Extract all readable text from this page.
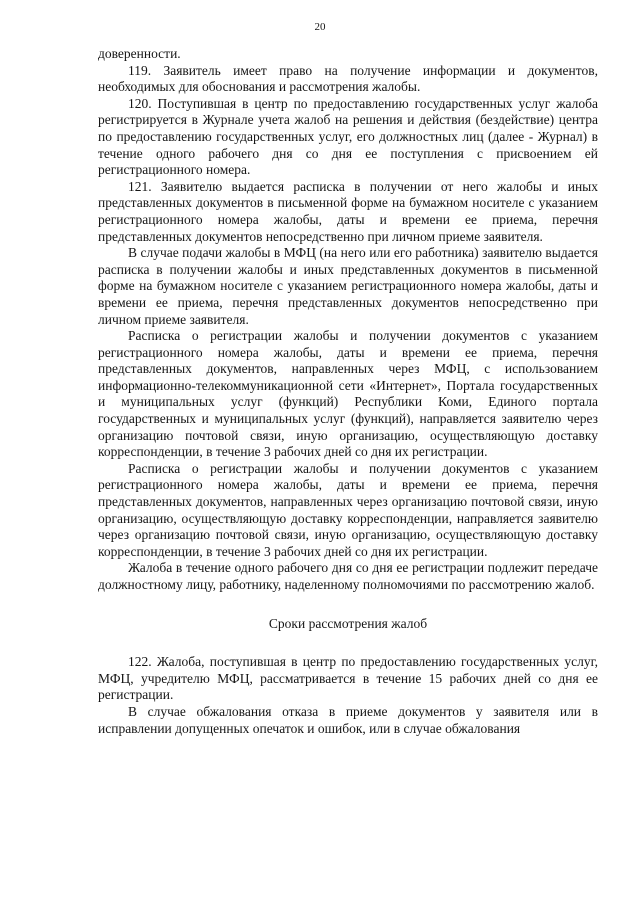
20

доверенности.

119. Заявитель имеет право на получение информации и документов, необходимых для обоснования и рассмотрения жалобы.

120. Поступившая в центр по предоставлению государственных услуг жалоба регистрируется в Журнале учета жалоб на решения и действия (бездействие) центра по предоставлению государственных услуг, его должностных лиц (далее - Журнал) в течение одного рабочего дня со дня ее поступления с присвоением ей регистрационного номера.

121. Заявителю выдается расписка в получении от него жалобы и иных представленных документов в письменной форме на бумажном носителе с указанием регистрационного номера жалобы, даты и времени ее приема, перечня представленных документов непосредственно при личном приеме заявителя.

В случае подачи жалобы в МФЦ (на него или его работника) заявителю выдается расписка в получении жалобы и иных представленных документов в письменной форме на бумажном носителе с указанием регистрационного номера жалобы, даты и времени ее приема, перечня представленных документов непосредственно при личном приеме заявителя.

Расписка о регистрации жалобы и получении документов с указанием регистрационного номера жалобы, даты и времени ее приема, перечня представленных документов, направленных через МФЦ, с использованием информационно-телекоммуникационной сети «Интернет», Портала государственных и муниципальных услуг (функций) Республики Коми, Единого портала государственных и муниципальных услуг (функций), направляется заявителю через организацию почтовой связи, иную организацию, осуществляющую доставку корреспонденции, в течение 3 рабочих дней со дня их регистрации.

Расписка о регистрации жалобы и получении документов с указанием регистрационного номера жалобы, даты и времени ее приема, перечня представленных документов, направленных через организацию почтовой связи, иную организацию, осуществляющую доставку корреспонденции, направляется заявителю через организацию почтовой связи, иную организацию, осуществляющую доставку корреспонденции, в течение 3 рабочих дней со дня их регистрации.

Жалоба в течение одного рабочего дня со дня ее регистрации подлежит передаче должностному лицу, работнику, наделенному полномочиями по рассмотрению жалоб.

Сроки рассмотрения жалоб

122. Жалоба, поступившая в центр по предоставлению государственных услуг, МФЦ, учредителю МФЦ, рассматривается в течение 15 рабочих дней со дня ее регистрации.

В случае обжалования отказа в приеме документов у заявителя или в исправлении допущенных опечаток и ошибок, или в случае обжалования
